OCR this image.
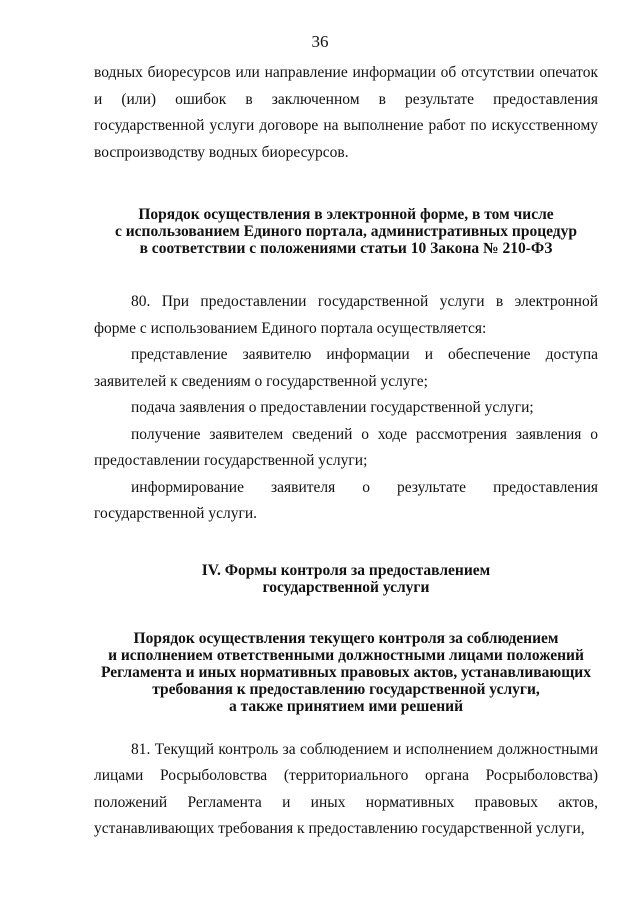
36

водных биоресурсов или направление информации об отсутствии опечаток и (или) ошибок в заключенном в результате предоставления государственной услуги договоре на выполнение работ по искусственному воспроизводству водных биоресурсов.

Порядок осуществления в электронной форме, в том числе
с использованием Единого портала, административных процедур
в соответствии с положениями статьи 10 Закона № 210-ФЗ

80. При предоставлении государственной услуги в электронной форме с использованием Единого портала осуществляется:

представление заявителю информации и обеспечение доступа заявителей к сведениям о государственной услуге;

подача заявления о предоставлении государственной услуги;

получение заявителем сведений о ходе рассмотрения заявления о предоставлении государственной услуги;

информирование заявителя о результате предоставления государственной услуги.

IV. Формы контроля за предоставлением
государственной услуги
Порядок осуществления текущего контроля за соблюдением
и исполнением ответственными должностными лицами положений
Регламента и иных нормативных правовых актов, устанавливающих
требования к предоставлению государственной услуги,
а также принятием ими решений

81. Текущий контроль за соблюдением и исполнением должностными лицами Росрыболовства (территориального органа Росрыболовства) положений Регламента и иных нормативных правовых актов, устанавливающих требования к предоставлению государственной услуги,
